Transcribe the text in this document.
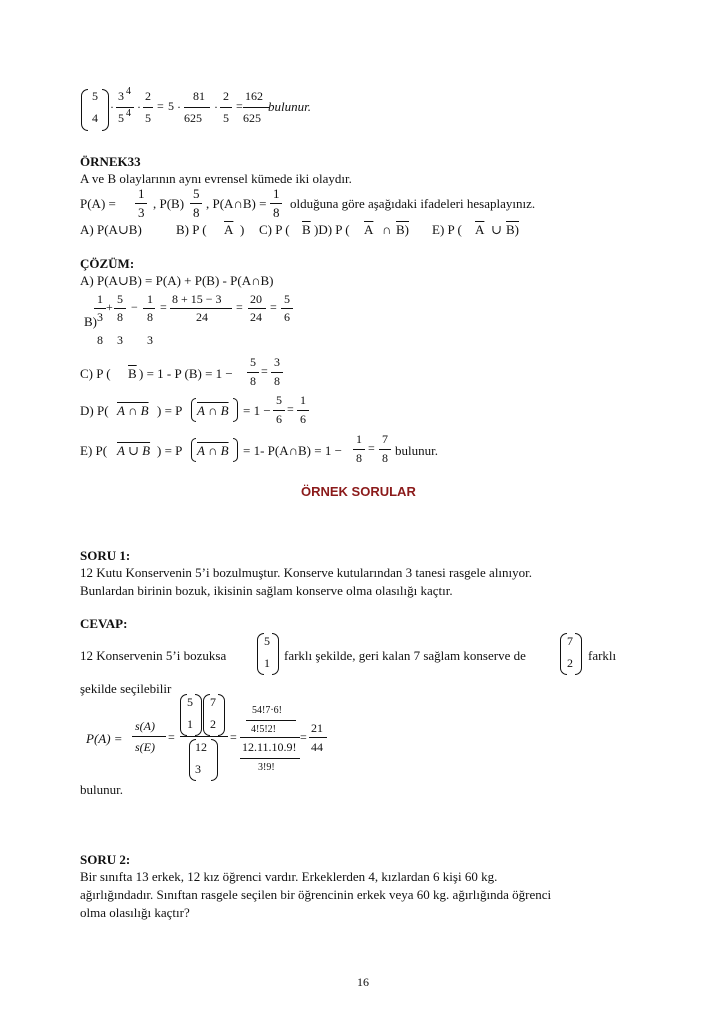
5
4
·
3 4
5 4 ·
2
5
= 5 ·
81
625
·
2
5
=
162
625
bulunur.
ÖRNEK33
A ve B olaylarının aynı evrensel kümede iki olaydır.
P(A) =
1
3
, P(B)
5
8
, P(A∩B) =
1
8
olduğuna göre aşağıdaki ifadeleri hesaplayınız.
A) P(A∪B)	B) P ( $\overline{A}$ ) C) P ( $\overline{B}$ )D) P ( $\overline{A}$ ∩ B) E) P ( $\overline{A}$ ∪ B)
ÇÖZÜM:
A) P(A∪B) = P(A) + P(B) - P(A∩B)
B)
1
3
+
5
8
−
1
8
=
8 + 15 − 3
24
=
20
24
=
5
6
8 3 3
C) P ( $\overline{B}$ ) = 1 - P (B) = 1 −
5
8
=
3
8
D) P( A ∩ B ) = P A ∩ B = 1 −
5
6
=
1
6
E) P( A ∪ B ) = P A ∩ B = 1- P(A∩B) = 1 −
1
8
=
7
8 bulunur.
ÖRNEK SORULAR
SORU 1:
12 Kutu Konservenin 5’i bozulmuştur. Konserve kutularından 3 tanesi rasgele alınıyor.
Bunlardan birinin bozuk, ikisinin sağlam konserve olma olasılığı kaçtır.
CEVAP:
12 Konservenin 5’i bozuksa
5
1 farklı şekilde, geri kalan 7 sağlam konserve de
7
2 farklı
şekilde seçilebilir
P(A) =
s(A)
s(E)
=
5
1
7
2
12
3
=
54!7·6!
4!5!2!
12.11.10.9!
3!9!
=
21
44
bulunur.
SORU 2:
Bir sınıfta 13 erkek, 12 kız öğrenci vardır. Erkeklerden 4, kızlardan 6 kişi 60 kg.
ağırlığındadır. Sınıftan rasgele seçilen bir öğrencinin erkek veya 60 kg. ağırlığında öğrenci
olma olasılığı kaçtır?
16
